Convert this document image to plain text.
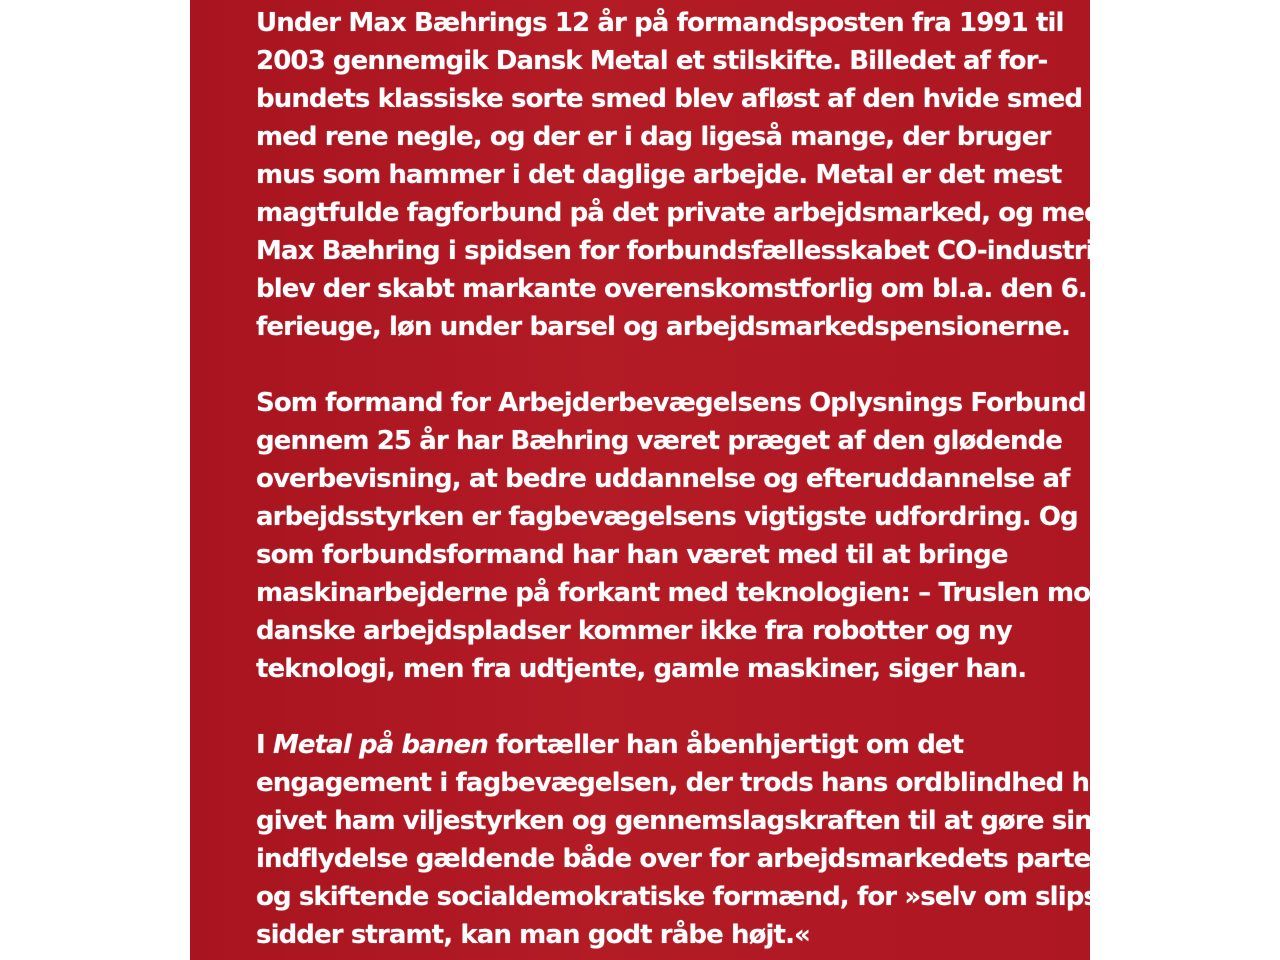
Under Max Bæhrings 12 år på formandsposten fra 1991 til
2003 gennemgik Dansk Metal et stilskifte. Billedet af for-
bundets klassiske sorte smed blev afløst af den hvide smed
med rene negle, og der er i dag ligeså mange, der bruger
mus som hammer i det daglige arbejde. Metal er det mest
magtfulde fagforbund på det private arbejdsmarked, og med
Max Bæhring i spidsen for forbundsfællesskabet CO-industri
blev der skabt markante overenskomstforlig om bl.a. den 6.
ferieuge, løn under barsel og arbejdsmarkedspensionerne.

Som formand for Arbejderbevægelsens Oplysnings Forbund
gennem 25 år har Bæhring været præget af den glødende
overbevisning, at bedre uddannelse og efteruddannelse af
arbejdsstyrken er fagbevægelsens vigtigste udfordring. Og
som forbundsformand har han været med til at bringe
maskinarbejderne på forkant med teknologien: – Truslen mod
danske arbejdspladser kommer ikke fra robotter og ny
teknologi, men fra udtjente, gamle maskiner, siger han.

I Metal på banen fortæller han åbenhjertigt om det
engagement i fagbevægelsen, der trods hans ordblindhed har
givet ham viljestyrken og gennemslagskraften til at gøre sin
indflydelse gældende både over for arbejdsmarkedets parter
og skiftende socialdemokratiske formænd, for »selv om slipset
sidder stramt, kan man godt råbe højt.«
